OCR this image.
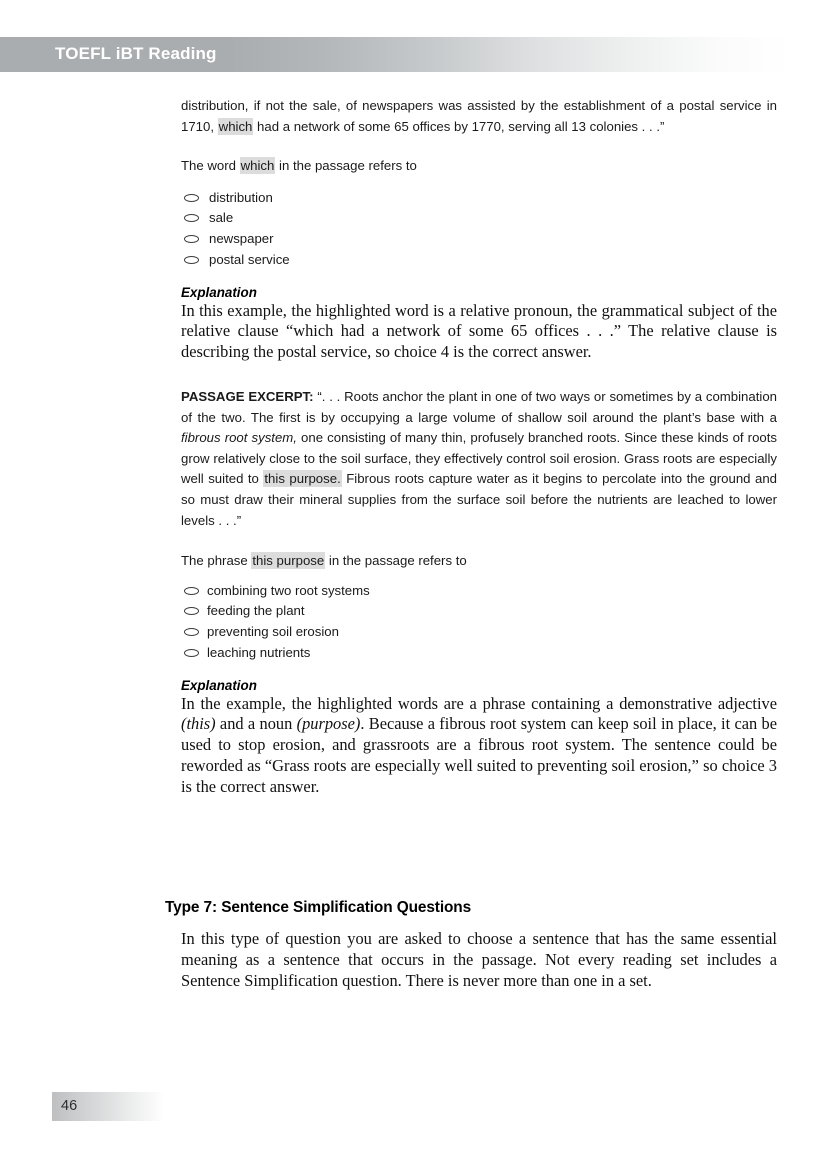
TOEFL iBT Reading

distribution, if not the sale, of newspapers was assisted by the establishment of a postal service in 1710, which had a network of some 65 offices by 1770, serving all 13 colonies . . .”

The word which in the passage refers to

distribution
sale
newspaper
postal service
Explanation

In this example, the highlighted word is a relative pronoun, the grammatical subject of the relative clause “which had a network of some 65 offices . . .” The relative clause is describing the postal service, so choice 4 is the correct answer.

PASSAGE EXCERPT: “. . . Roots anchor the plant in one of two ways or sometimes by a combination of the two. The first is by occupying a large volume of shallow soil around the plant’s base with a fibrous root system, one consisting of many thin, profusely branched roots. Since these kinds of roots grow relatively close to the soil surface, they effectively control soil erosion. Grass roots are especially well suited to this purpose. Fibrous roots capture water as it begins to percolate into the ground and so must draw their mineral supplies from the surface soil before the nutrients are leached to lower levels . . .”

The phrase this purpose in the passage refers to

combining two root systems
feeding the plant
preventing soil erosion
leaching nutrients
Explanation

In the example, the highlighted words are a phrase containing a demonstrative adjective (this) and a noun (purpose). Because a fibrous root system can keep soil in place, it can be used to stop erosion, and grassroots are a fibrous root system. The sentence could be reworded as “Grass roots are especially well suited to preventing soil erosion,” so choice 3 is the correct answer.

Type 7: Sentence Simplification Questions

In this type of question you are asked to choose a sentence that has the same essential meaning as a sentence that occurs in the passage. Not every reading set includes a Sentence Simplification question. There is never more than one in a set.

46
